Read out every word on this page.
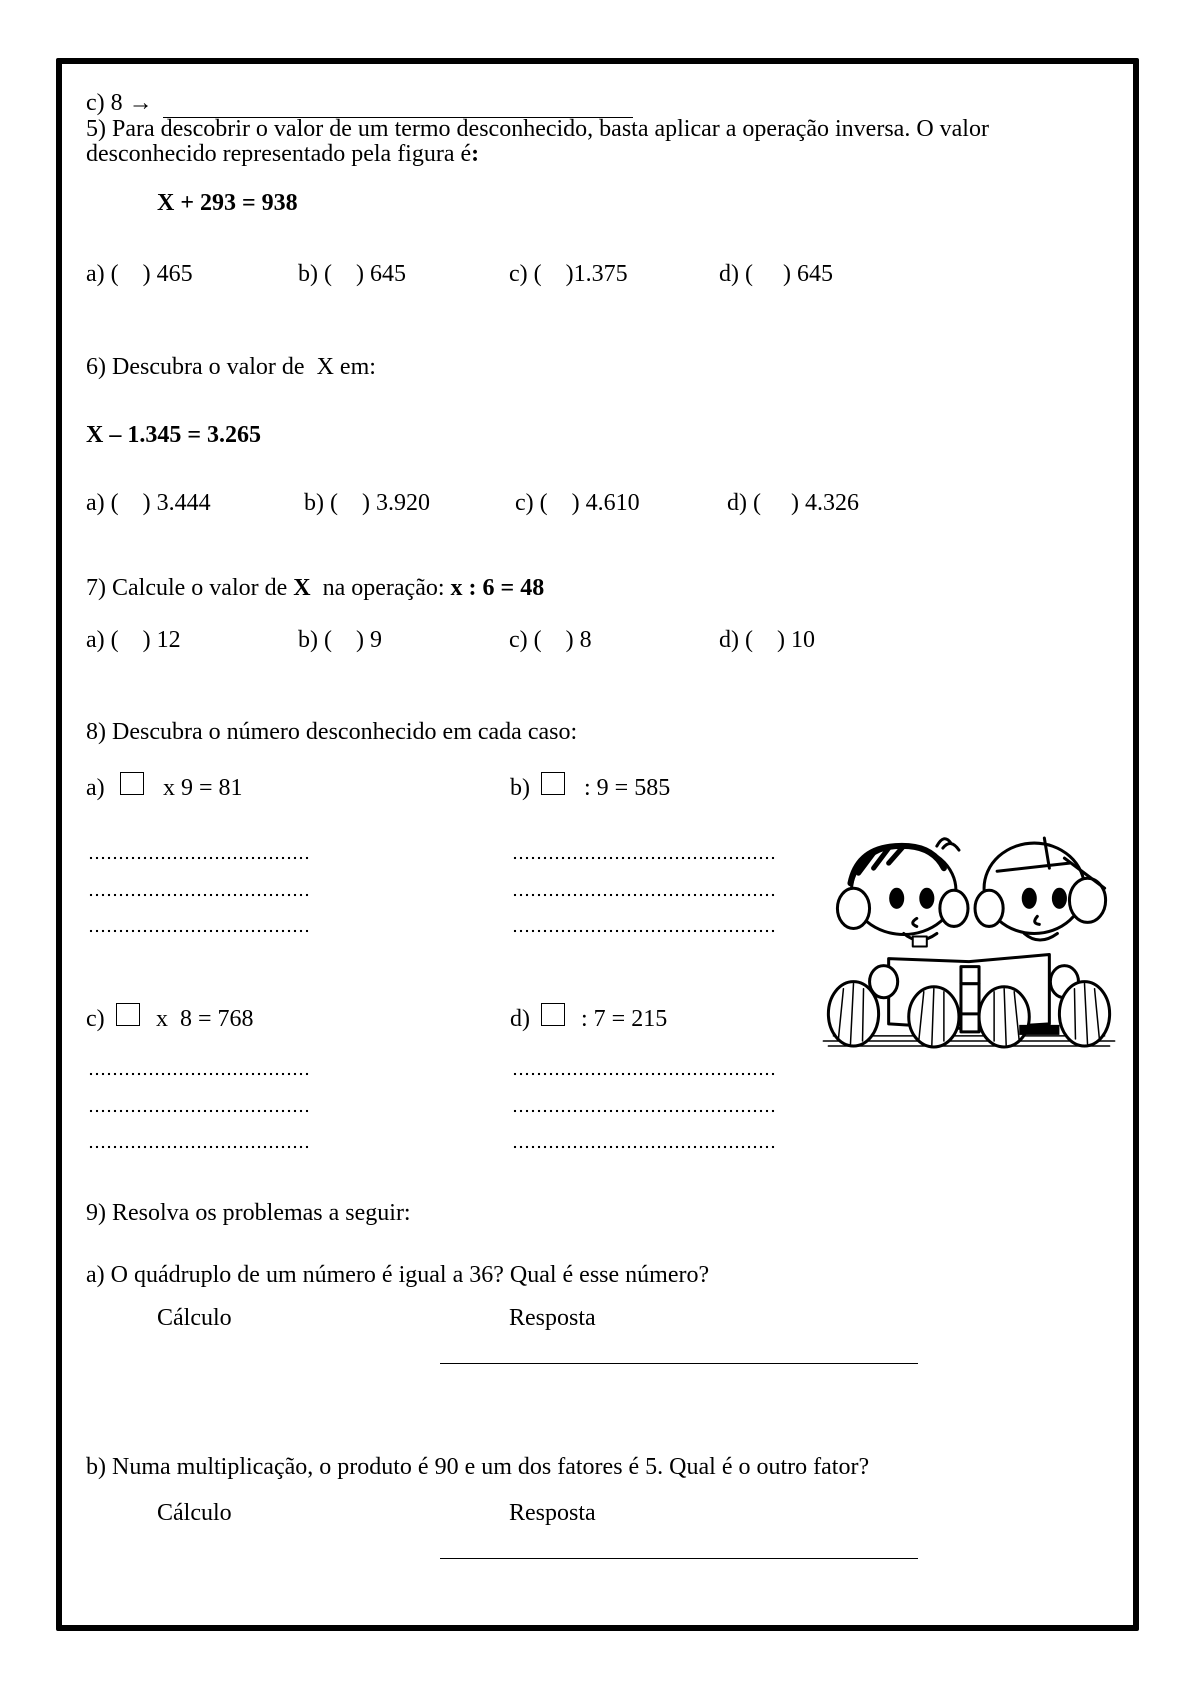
c) 8 →
5) Para descobrir o valor de um termo desconhecido, basta aplicar a operação inversa. O valor
desconhecido representado pela figura é:
X + 293 = 938
a) (    ) 465	b) (    ) 645	c) (    )1.375	d) (     ) 645
6) Descubra o valor de  X em:
X – 1.345 = 3.265
a) (    ) 3.444	b) (    ) 3.920	c) (    ) 4.610	d) (     ) 4.326
7) Calcule o valor de X  na operação: x : 6 = 48
a) (    ) 12	b) (    ) 9	c) (    ) 8	d) (    ) 10
8) Descubra o número desconhecido em cada caso:
a) x 9 = 81	b) : 9 = 585
c) x  8 = 768	d) : 7 = 215
9) Resolva os problemas a seguir:
a) O quádruplo de um número é igual a 36? Qual é esse número?
Cálculo	Resposta
b) Numa multiplicação, o produto é 90 e um dos fatores é 5. Qual é o outro fator?
Cálculo	Resposta
